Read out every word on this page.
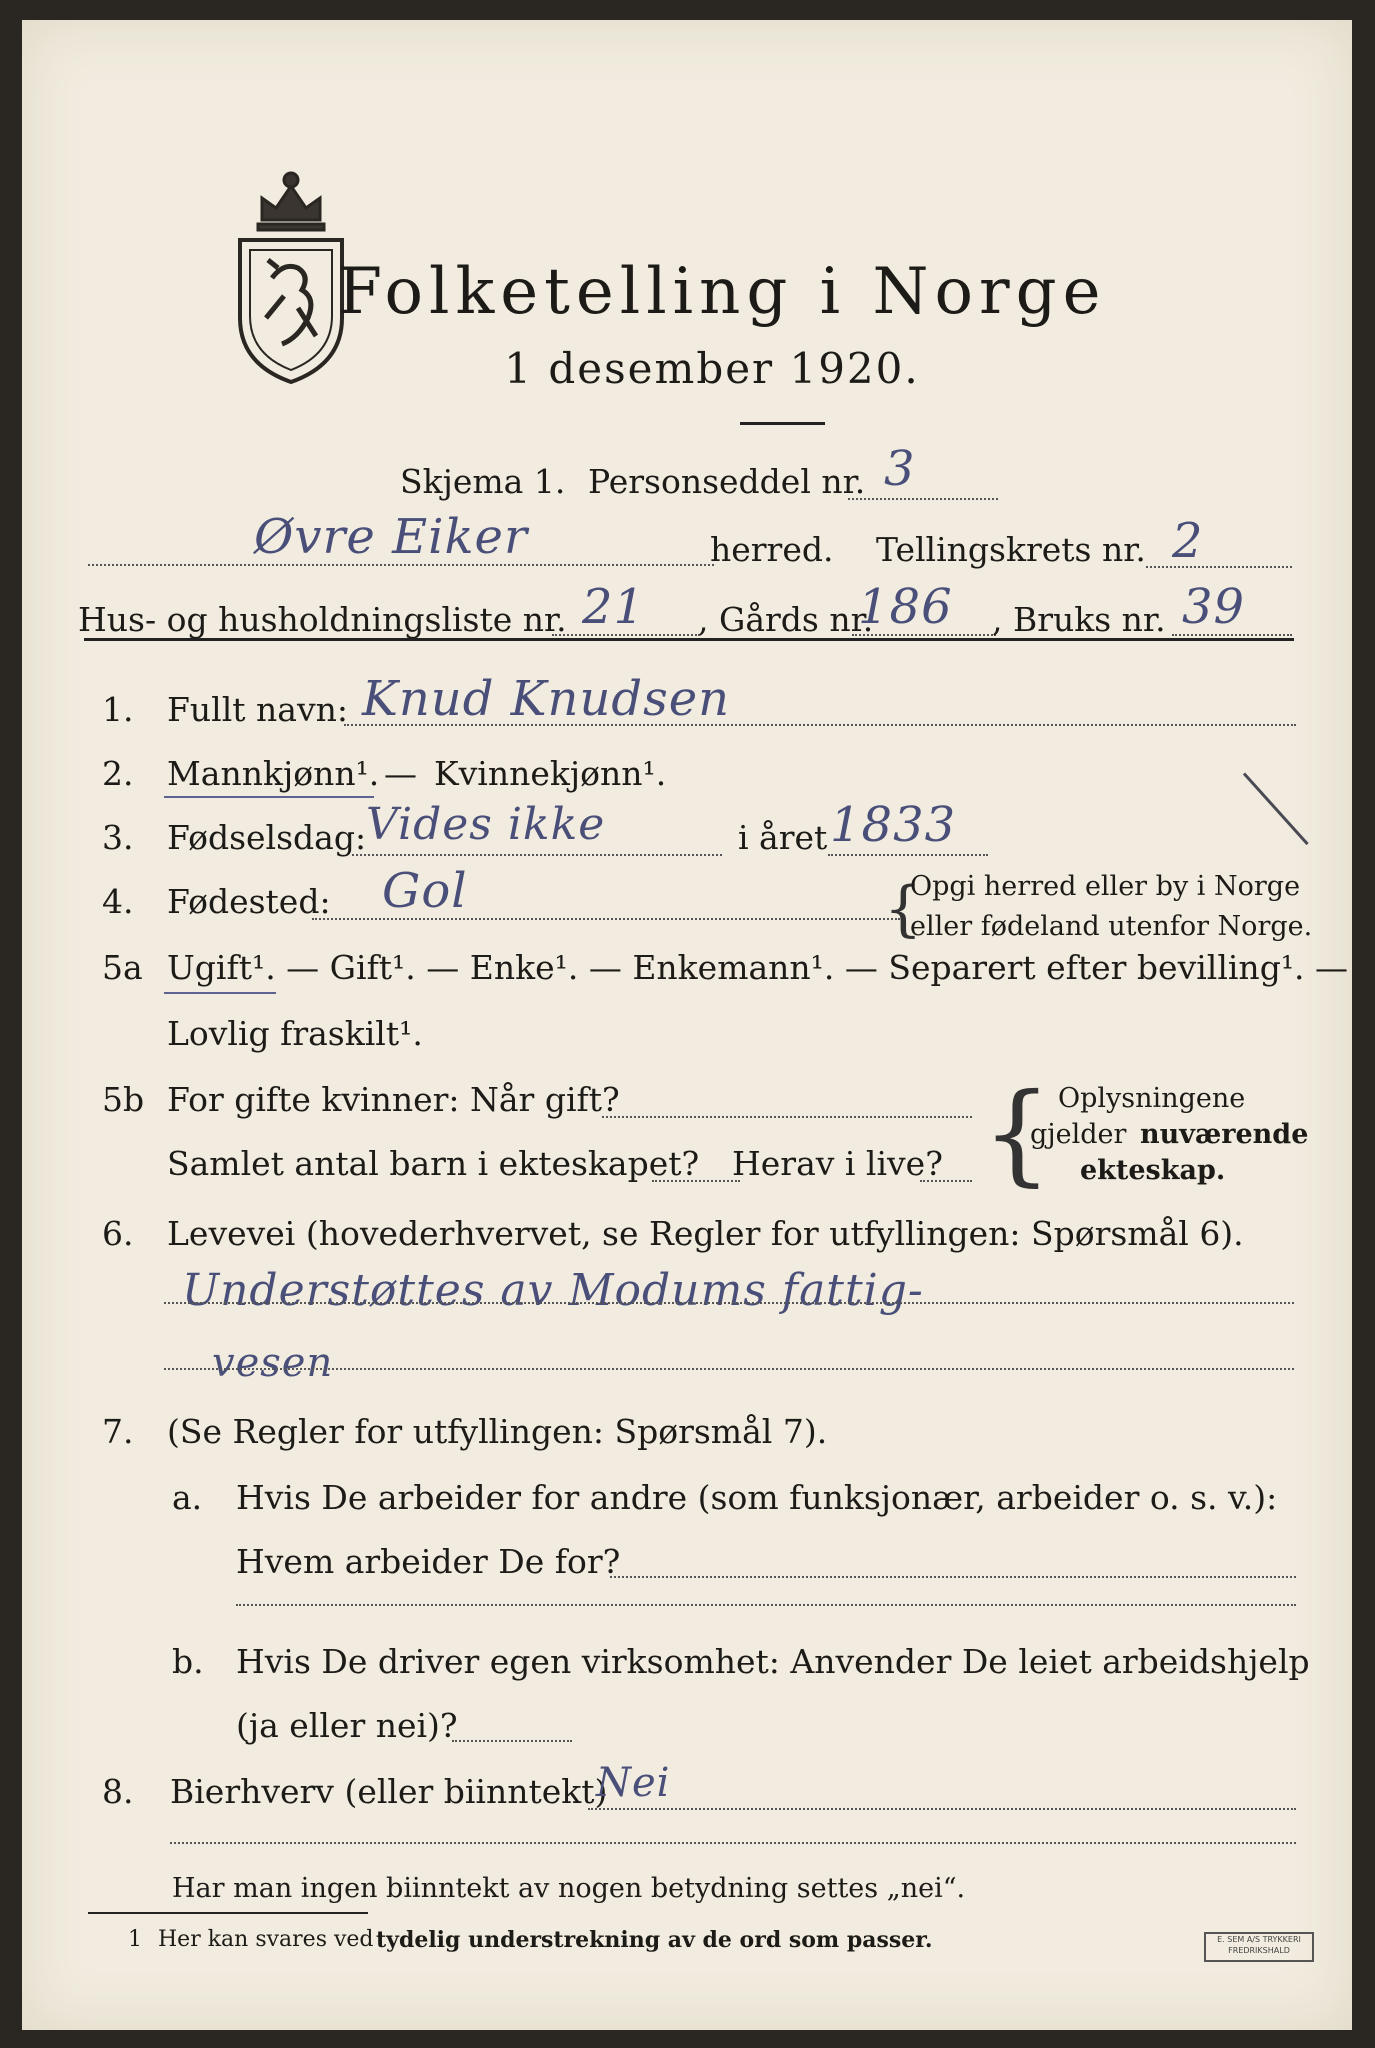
Folketelling i Norge
1 desember 1920.
Skjema 1. Personseddel nr. 3
Øvre Eiker	herred. Tellingskrets nr. 2
Hus- og husholdningsliste nr. 21 , Gårds nr.
186 , Bruks nr. 39
1. Fullt navn: Knud Knudsen
2. Mannkjønn¹. — Kvinnekjønn¹.
3. Fødselsdag: Vides ikke	i året 1833
4. Fødested: Gol	{
Opgi herred eller by i Norge
eller fødeland utenfor Norge.
5a Ugift¹. — Gift¹. — Enke¹. — Enkemann¹. — Separert efter bevilling¹. —
Lovlig fraskilt¹.
5b For gifte kvinner: Når gift?
Samlet antal barn i ekteskapet? Herav i live? { Oplysningene
gjelder nuværende
ekteskap.
6. Levevei (hovederhvervet, se Regler for utfyllingen: Spørsmål 6).
Understøttes av Modums fattig-
vesen
7. (Se Regler for utfyllingen: Spørsmål 7).
a. Hvis De arbeider for andre (som funksjonær, arbeider o. s. v.):
Hvem arbeider De for?
b. Hvis De driver egen virksomhet: Anvender De leiet arbeidshjelp
(ja eller nei)?
8. Bierhverv (eller biinntekt)
Nei
Har man ingen biinntekt av nogen betydning settes „nei“.
1 Her kan svares ved tydelig understrekning av de ord som passer.	E. SEM A/S TRYKKERI FREDRIKSHALD
